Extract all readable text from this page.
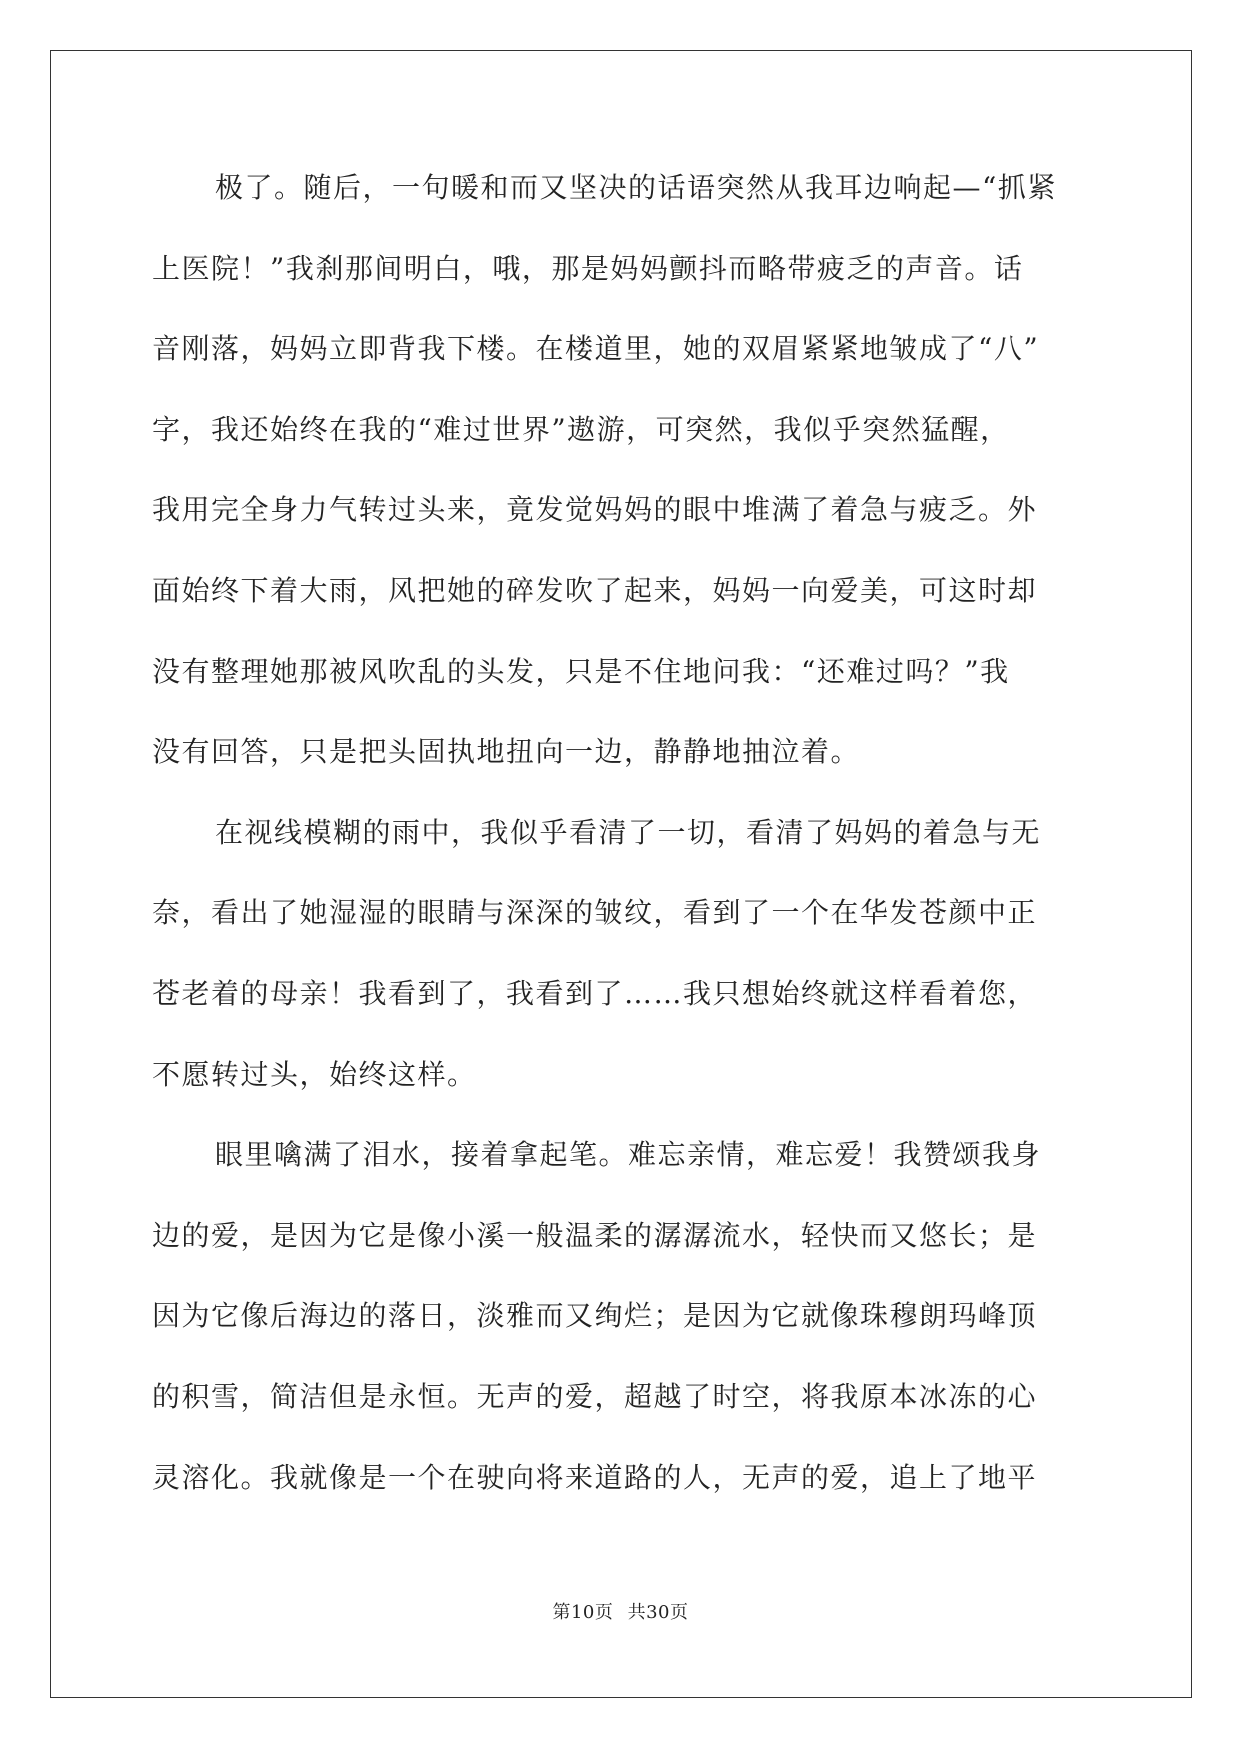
极了。随后，一句暖和而又坚决的话语突然从我耳边响起—“抓紧
上医院！”我刹那间明白，哦，那是妈妈颤抖而略带疲乏的声音。话
音刚落，妈妈立即背我下楼。在楼道里，她的双眉紧紧地皱成了“八”
字，我还始终在我的“难过世界”遨游，可突然，我似乎突然猛醒，
我用完全身力气转过头来，竟发觉妈妈的眼中堆满了着急与疲乏。外
面始终下着大雨，风把她的碎发吹了起来，妈妈一向爱美，可这时却
没有整理她那被风吹乱的头发，只是不住地问我：“还难过吗？”我
没有回答，只是把头固执地扭向一边，静静地抽泣着。
在视线模糊的雨中，我似乎看清了一切，看清了妈妈的着急与无
奈，看出了她湿湿的眼睛与深深的皱纹，看到了一个在华发苍颜中正
苍老着的母亲！我看到了，我看到了……我只想始终就这样看着您，
不愿转过头，始终这样。
眼里噙满了泪水，接着拿起笔。难忘亲情，难忘爱！我赞颂我身
边的爱，是因为它是像小溪一般温柔的潺潺流水，轻快而又悠长；是
因为它像后海边的落日，淡雅而又绚烂；是因为它就像珠穆朗玛峰顶
的积雪，简洁但是永恒。无声的爱，超越了时空，将我原本冰冻的心
灵溶化。我就像是一个在驶向将来道路的人，无声的爱，追上了地平
第10页 共30页
